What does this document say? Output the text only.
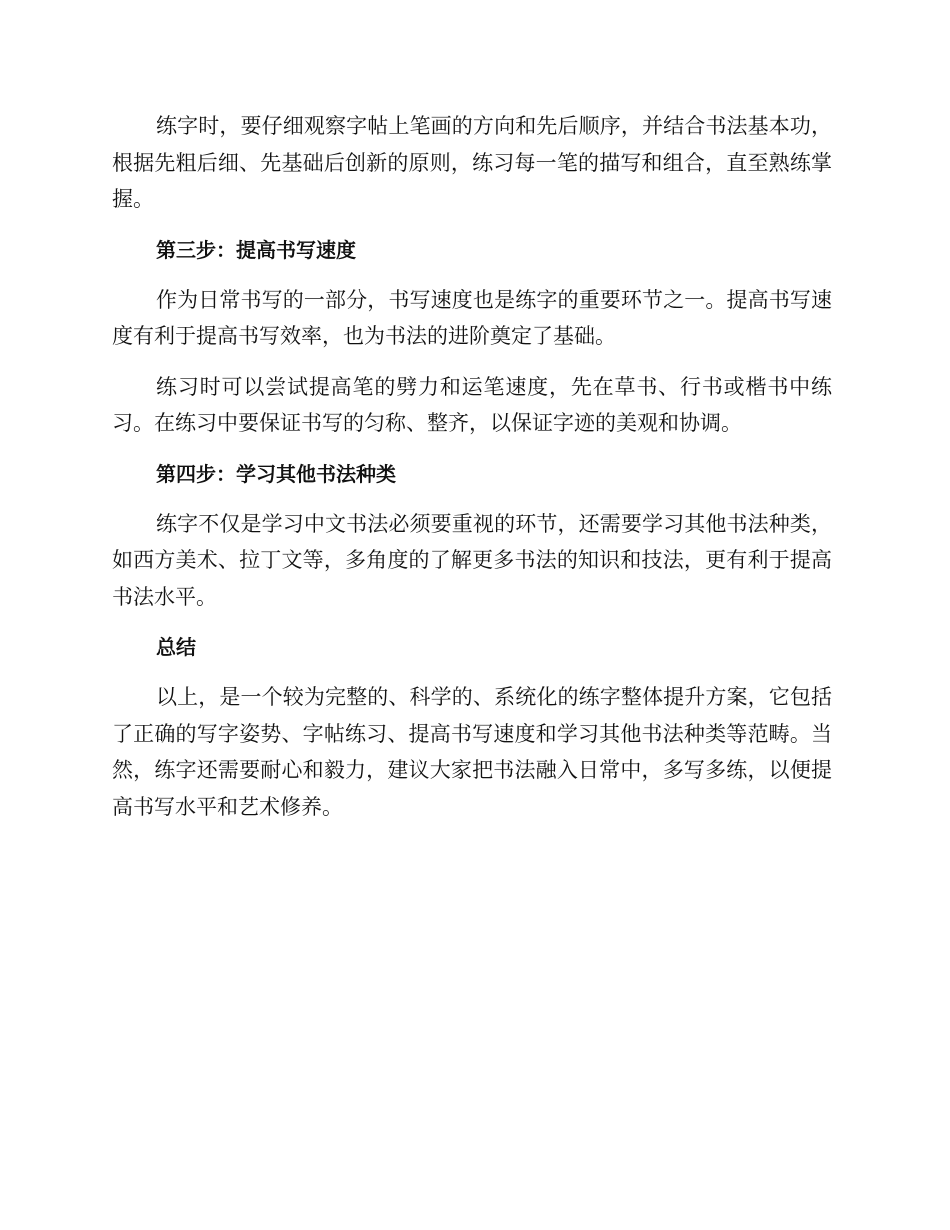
练字时，要仔细观察字帖上笔画的方向和先后顺序，并结合书法基本功，根据先粗后细、先基础后创新的原则，练习每一笔的描写和组合，直至熟练掌握。

第三步：提高书写速度

作为日常书写的一部分，书写速度也是练字的重要环节之一。提高书写速度有利于提高书写效率，也为书法的进阶奠定了基础。

练习时可以尝试提高笔的劈力和运笔速度，先在草书、行书或楷书中练习。在练习中要保证书写的匀称、整齐，以保证字迹的美观和协调。

第四步：学习其他书法种类

练字不仅是学习中文书法必须要重视的环节，还需要学习其他书法种类，如西方美术、拉丁文等，多角度的了解更多书法的知识和技法，更有利于提高书法水平。

总结

以上，是一个较为完整的、科学的、系统化的练字整体提升方案，它包括了正确的写字姿势、字帖练习、提高书写速度和学习其他书法种类等范畴。当然，练字还需要耐心和毅力，建议大家把书法融入日常中，多写多练，以便提高书写水平和艺术修养。
